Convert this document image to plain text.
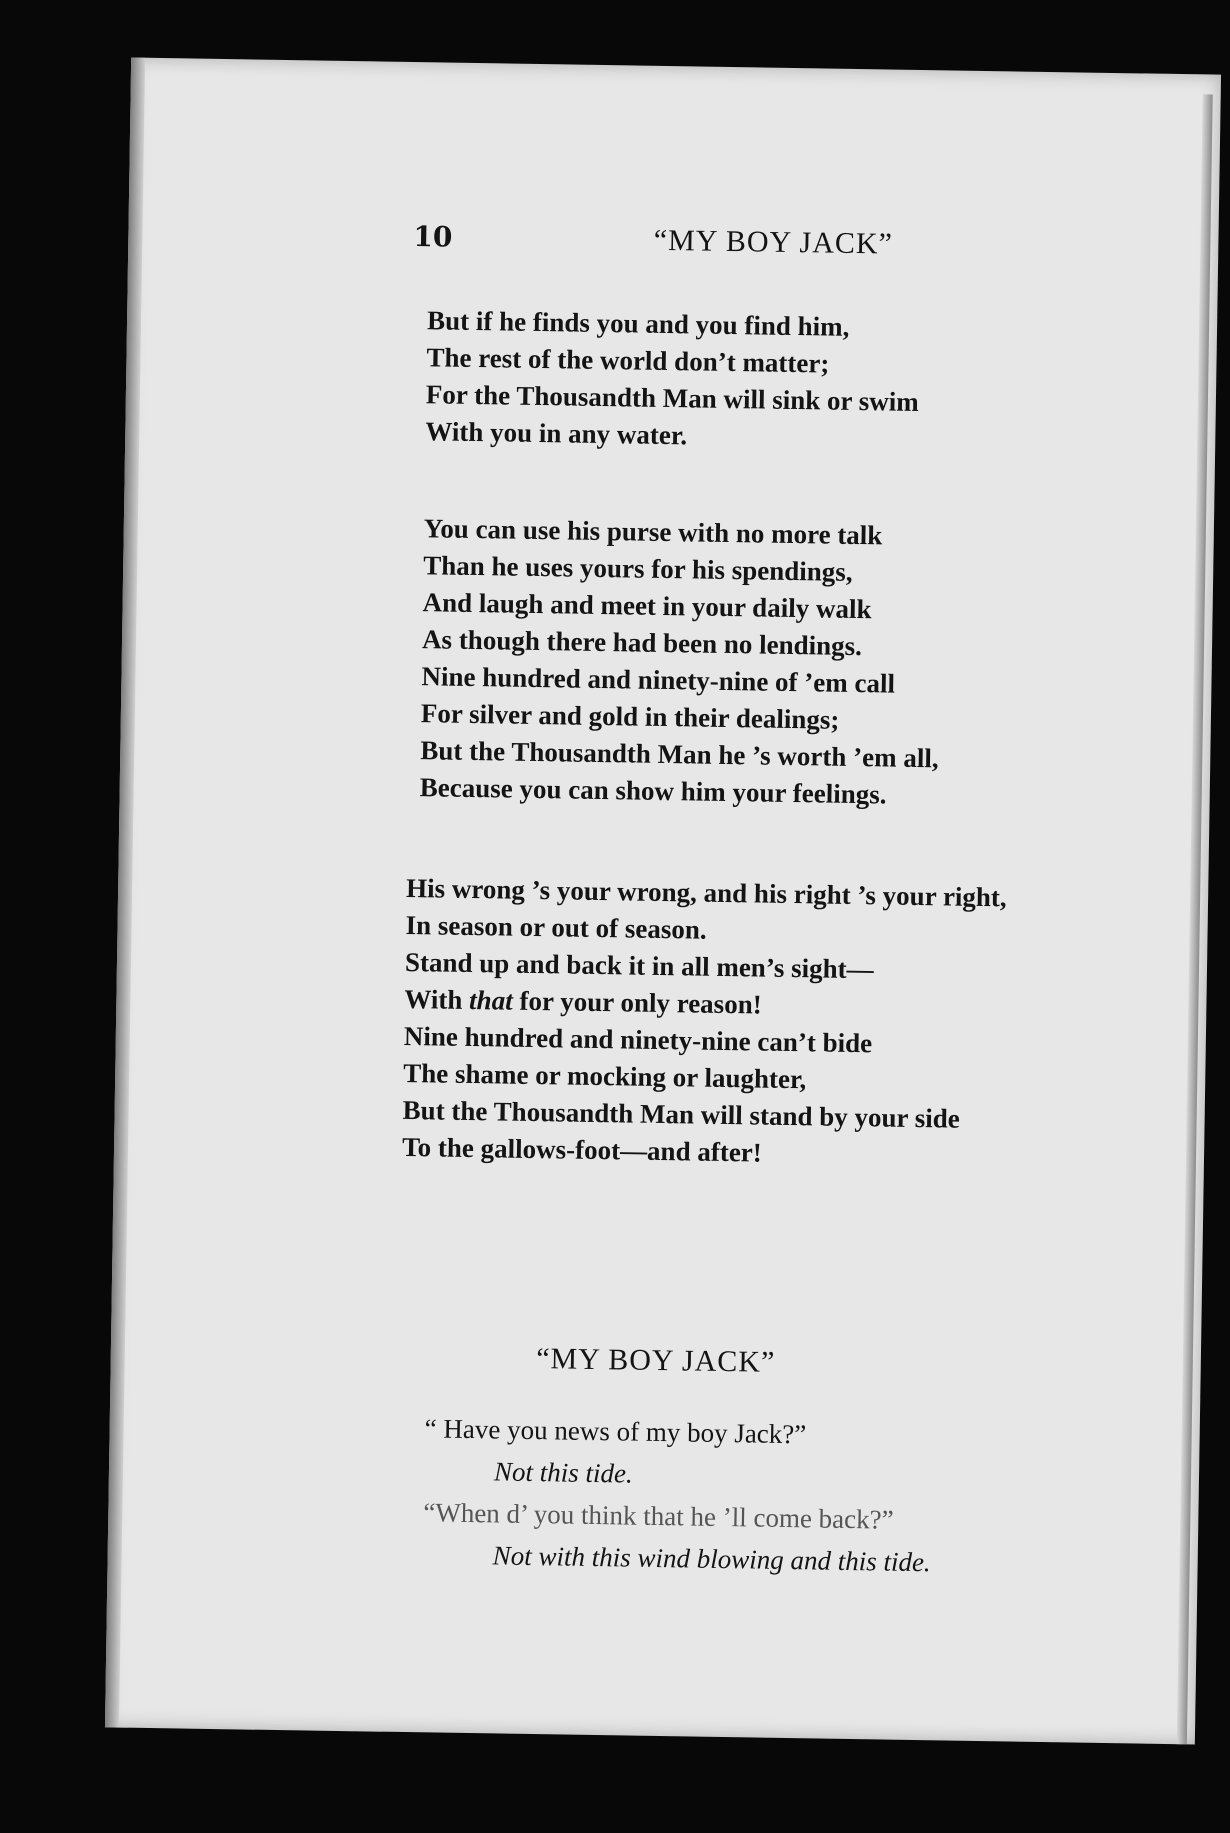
10	“MY BOY JACK”
But if he finds you and you find him,
The rest of the world don’t matter;
For the Thousandth Man will sink or swim
With you in any water.
You can use his purse with no more talk
Than he uses yours for his spendings,
And laugh and meet in your daily walk
As though there had been no lendings.
Nine hundred and ninety-nine of ’em call
For silver and gold in their dealings;
But the Thousandth Man he ’s worth ’em all,
Because you can show him your feelings.
His wrong ’s your wrong, and his right ’s your right,
In season or out of season.
Stand up and back it in all men’s sight—
With that for your only reason!
Nine hundred and ninety-nine can’t bide
The shame or mocking or laughter,
But the Thousandth Man will stand by your side
To the gallows-foot—and after!
“MY BOY JACK”
“ Have you news of my boy Jack?”
Not this tide.
“When d’ you think that he ’ll come back?”
Not with this wind blowing and this tide.
